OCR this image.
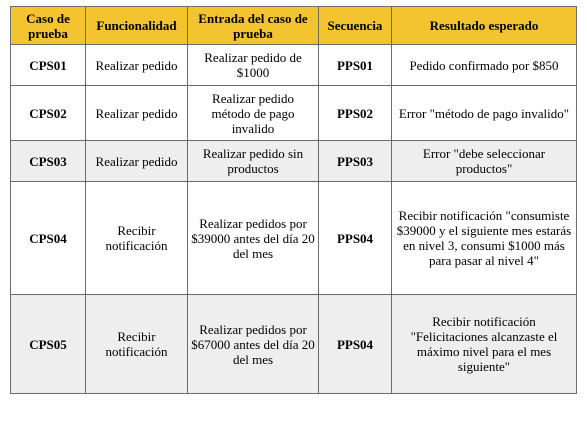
Caso de prueba	Funcionalidad	Entrada del caso de prueba	Secuencia	Resultado esperado
CPS01	Realizar pedido	Realizar pedido de $1000	PPS01	Pedido confirmado por $850
CPS02	Realizar pedido	Realizar pedido método de pago invalido	PPS02	Error "método de pago invalido"
CPS03	Realizar pedido	Realizar pedido sin productos	PPS03	Error "debe seleccionar productos"
CPS04	Recibir notificación	Realizar pedidos por $39000 antes del día 20 del mes	PPS04	Recibir notificación "consumiste $39000 y el siguiente mes estarás en nivel 3, consumi $1000 más para pasar al nivel 4"
CPS05	Recibir notificación	Realizar pedidos por $67000 antes del día 20 del mes	PPS04	Recibir notificación "Felicitaciones alcanzaste el máximo nivel para el mes siguiente"
